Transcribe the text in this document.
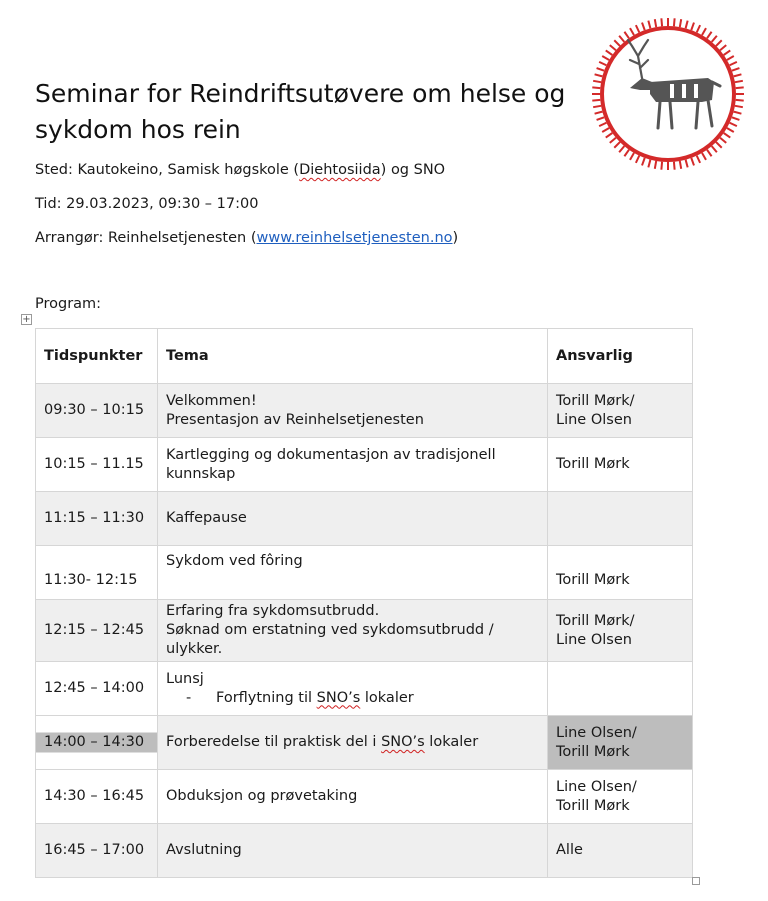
Seminar for Reindriftsutøvere om helse og sykdom hos rein
Sted: Kautokeino, Samisk høgskole (Diehtosiida) og SNO
Tid: 29.03.2023, 09:30 – 17:00
Arrangør: Reinhelsetjenesten (www.reinhelsetjenesten.no)
Program:
+
Tidspunkter	Tema	Ansvarlig
09:30 – 10:15	Velkommen!
Presentasjon av Reinhelsetjenesten	Torill Mørk/
Line Olsen

10:15 – 11.15	Kartlegging og dokumentasjon av tradisjonell
kunnskap	Torill Mørk

11:15 – 11:30	Kaffepause	

11:30- 12:15	Sykdom ved fôring	Torill Mørk

12:15 – 12:45	Erfaring fra sykdomsutbrudd.
Søknad om erstatning ved sykdomsutbrudd /
ulykker.	Torill Mørk/
Line Olsen

12:45 – 14:00	Lunsj
- Forflytning til SNO’s lokaler	

14:00 – 14:30	Forberedelse til praktisk del i SNO’s lokaler	Line Olsen/
Torill Mørk

14:30 – 16:45	Obduksjon og prøvetaking	Line Olsen/
Torill Mørk

16:45 – 17:00	Avslutning	Alle
